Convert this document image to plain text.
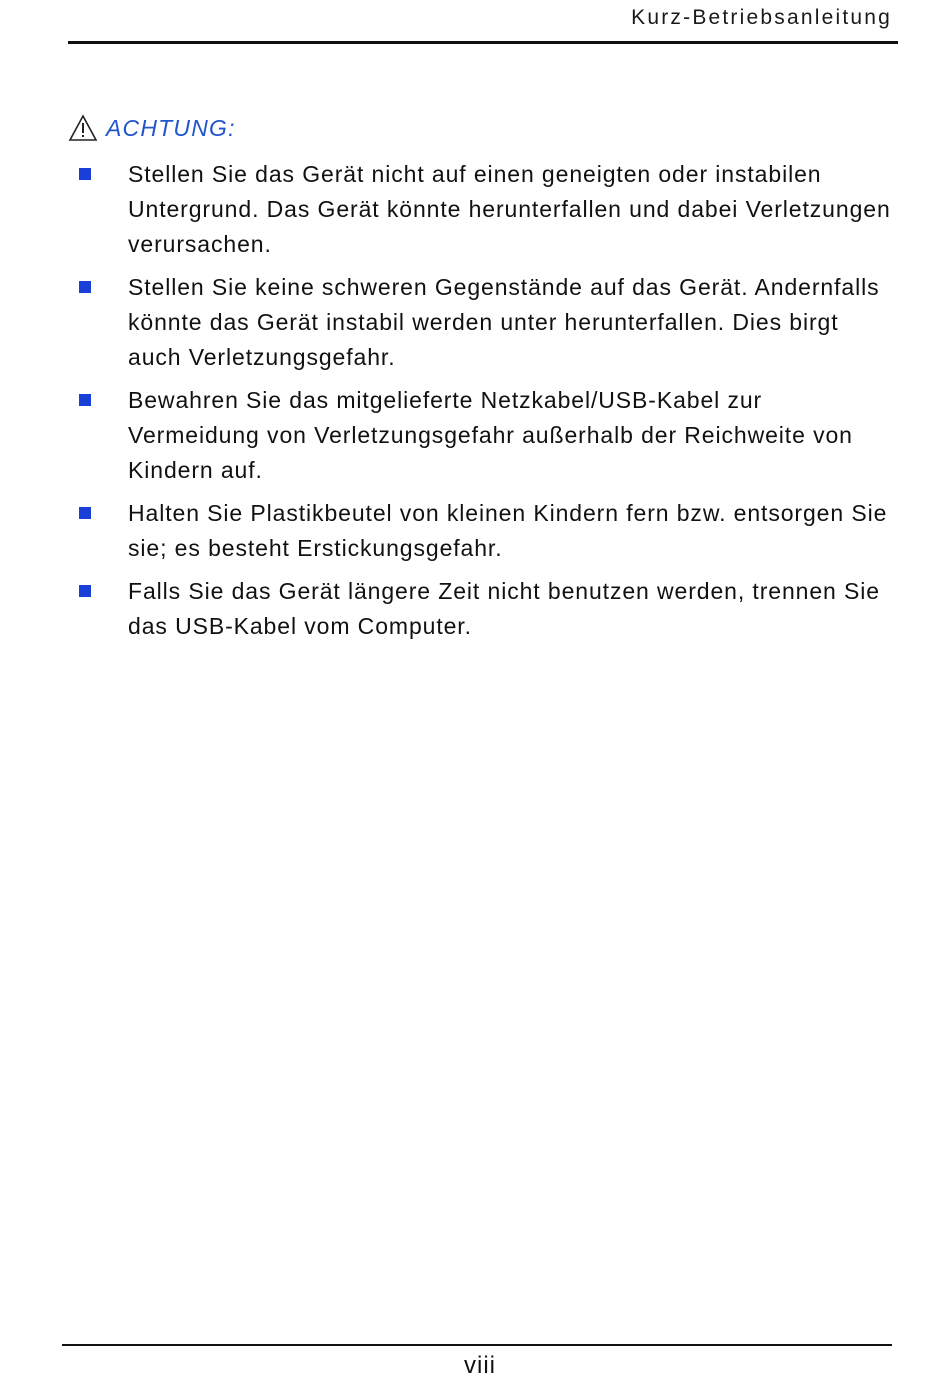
Kurz-Betriebsanleitung
ACHTUNG:
Stellen Sie das Gerät nicht auf einen geneigten oder instabilen Untergrund. Das Gerät könnte herunterfallen und dabei Verletzungen verursachen.
Stellen Sie keine schweren Gegenstände auf das Gerät. Andernfalls könnte das Gerät instabil werden unter herunterfallen. Dies birgt auch Verletzungsgefahr.
Bewahren Sie das mitgelieferte Netzkabel/USB-Kabel zur Vermeidung von Verletzungsgefahr außerhalb der Reichweite von Kindern auf.
Halten Sie Plastikbeutel von kleinen Kindern fern bzw. entsorgen Sie sie; es besteht Erstickungsgefahr.
Falls Sie das Gerät längere Zeit nicht benutzen werden, trennen Sie das USB-Kabel vom Computer.
viii
